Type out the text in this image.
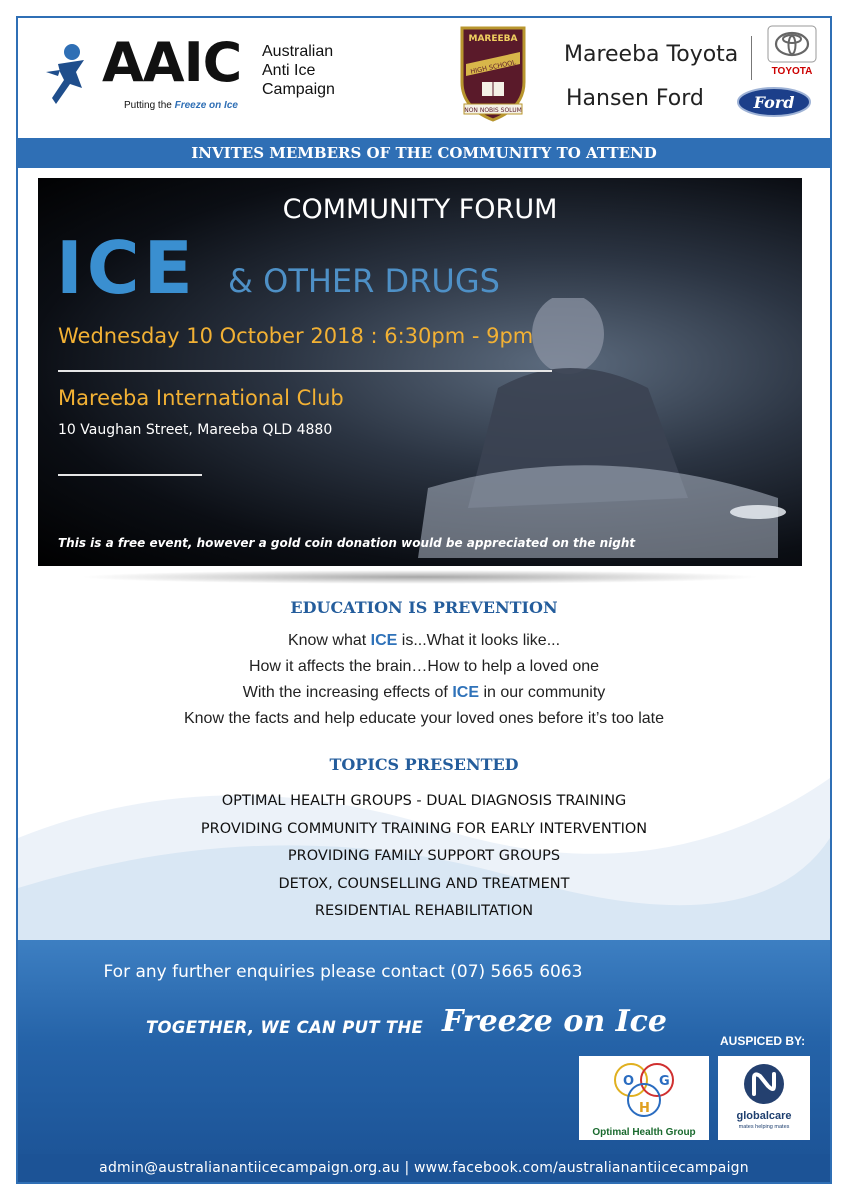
AAIC Australian
Anti Ice
Campaign
Putting the Freeze on Ice
MAREEBA
HIGH SCHOOL
NON NOBIS SOLUM
Mareeba Toyota
Hansen Ford
TOYOTA
Ford
INVITES MEMBERS OF THE COMMUNITY TO ATTEND
COMMUNITY FORUM
ICE & OTHER DRUGS
Wednesday 10 October 2018 : 6:30pm - 9pm
Mareeba International Club
10 Vaughan Street, Mareeba QLD 4880
This is a free event, however a gold coin donation would be appreciated on the night
EDUCATION IS PREVENTION
Know what ICE is...What it looks like...
How it affects the brain…How to help a loved one
With the increasing effects of ICE in our community
Know the facts and help educate your loved ones before it’s too late
TOPICS PRESENTED
OPTIMAL HEALTH GROUPS - DUAL DIAGNOSIS TRAINING
PROVIDING COMMUNITY TRAINING FOR EARLY INTERVENTION
PROVIDING FAMILY SUPPORT GROUPS
DETOX, COUNSELLING AND TREATMENT
RESIDENTIAL REHABILITATION
For any further enquiries please contact (07) 5665 6063
TOGETHER, WE CAN PUT THE Freeze on Ice
AUSPICED BY:
O G
H
Optimal Health Group
globalcare
mates helping mates
admin@australianantiicecampaign.org.au | www.facebook.com/australianantiicecampaign
